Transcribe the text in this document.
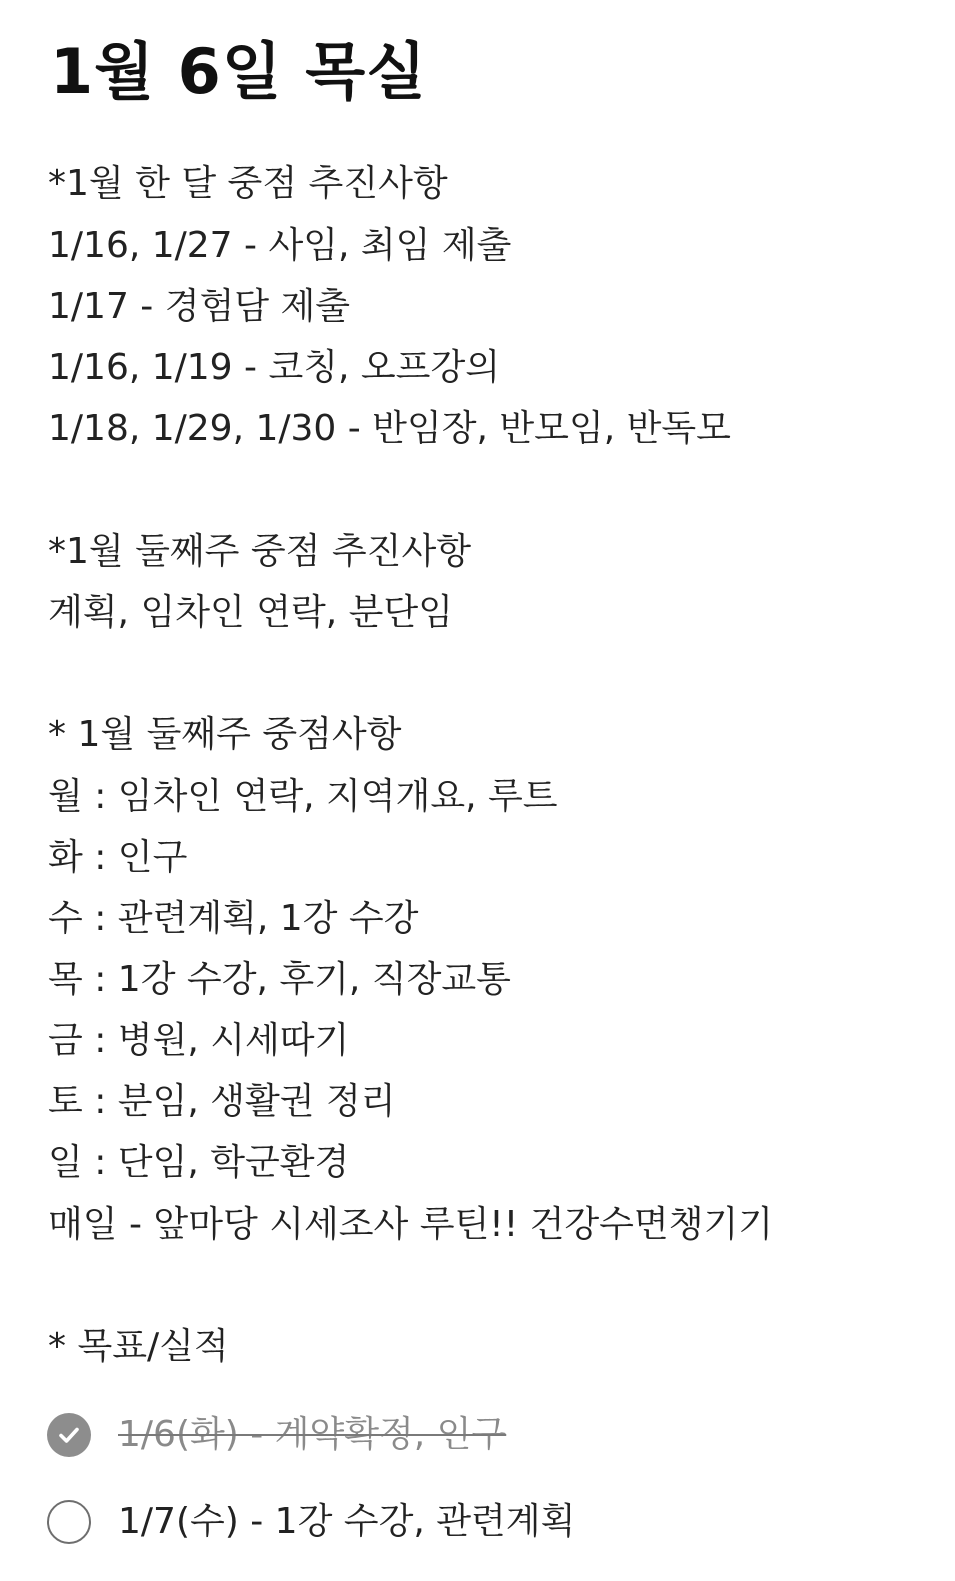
1월 6일 목실
*1월 한 달 중점 추진사항
1/16, 1/27 - 사임, 최임 제출
1/17 - 경험담 제출
1/16, 1/19 - 코칭, 오프강의
1/18, 1/29, 1/30 - 반임장, 반모임, 반독모
*1월 둘째주 중점 추진사항
계획, 임차인 연락, 분단임
* 1월 둘째주 중점사항
월 : 임차인 연락, 지역개요, 루트
화 : 인구
수 : 관련계획, 1강 수강
목 : 1강 수강, 후기, 직장교통
금 : 병원, 시세따기
토 : 분임, 생활권 정리
일 : 단임, 학군환경
매일 - 앞마당 시세조사 루틴!! 건강수면챙기기
* 목표/실적
1/6(화) - 계약확정, 인구
1/7(수) - 1강 수강, 관련계획
